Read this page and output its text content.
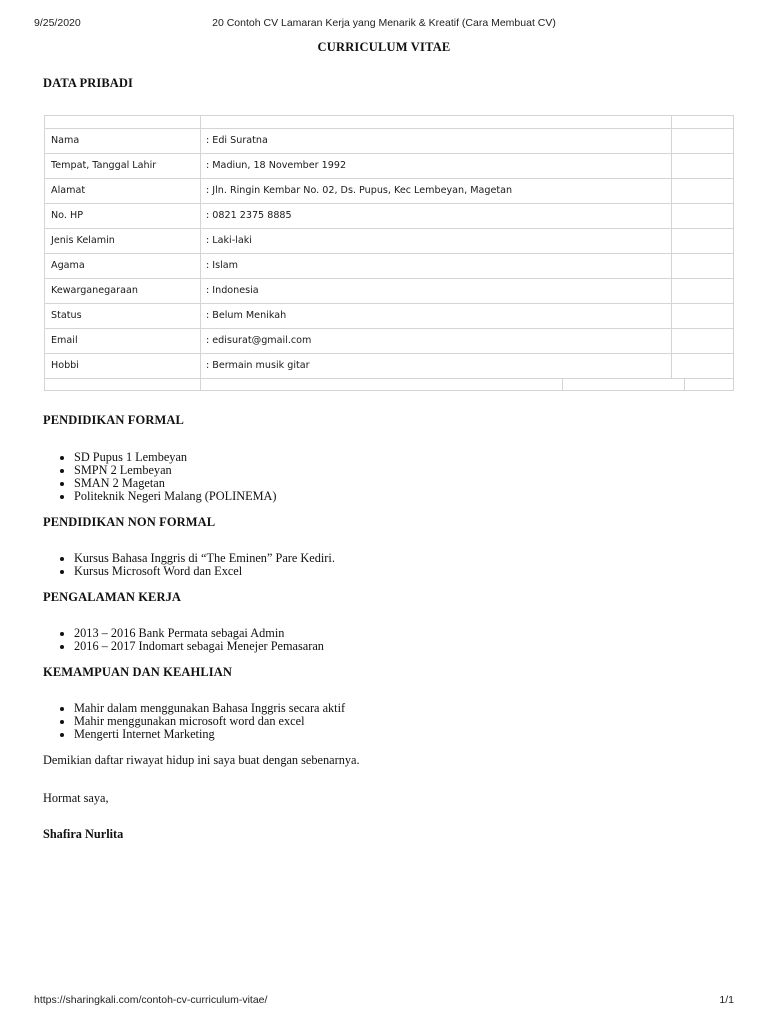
9/25/2020	20 Contoh CV Lamaran Kerja yang Menarik & Kreatif (Cara Membuat CV)
CURRICULUM VITAE
DATA PRIBADI
Nama	: Edi Suratna
Tempat, Tanggal Lahir	: Madiun, 18 November 1992
Alamat	: Jln. Ringin Kembar No. 02, Ds. Pupus, Kec Lembeyan, Magetan
No. HP	: 0821 2375 8885
Jenis Kelamin	: Laki-laki
Agama	: Islam
Kewarganegaraan	: Indonesia
Status	: Belum Menikah
Email	: edisurat@gmail.com
Hobbi	: Bermain musik gitar
PENDIDIKAN FORMAL
• SD Pupus 1 Lembeyan
• SMPN 2 Lembeyan
• SMAN 2 Magetan
• Politeknik Negeri Malang (POLINEMA)
PENDIDIKAN NON FORMAL
• Kursus Bahasa Inggris di “The Eminen” Pare Kediri.
• Kursus Microsoft Word dan Excel
PENGALAMAN KERJA
• 2013 – 2016 Bank Permata sebagai Admin
• 2016 – 2017 Indomart sebagai Menejer Pemasaran
KEMAMPUAN DAN KEAHLIAN
• Mahir dalam menggunakan Bahasa Inggris secara aktif
• Mahir menggunakan microsoft word dan excel
• Mengerti Internet Marketing
Demikian daftar riwayat hidup ini saya buat dengan sebenarnya.
Hormat saya,
Shafira Nurlita
https://sharingkali.com/contoh-cv-curriculum-vitae/	1/1
